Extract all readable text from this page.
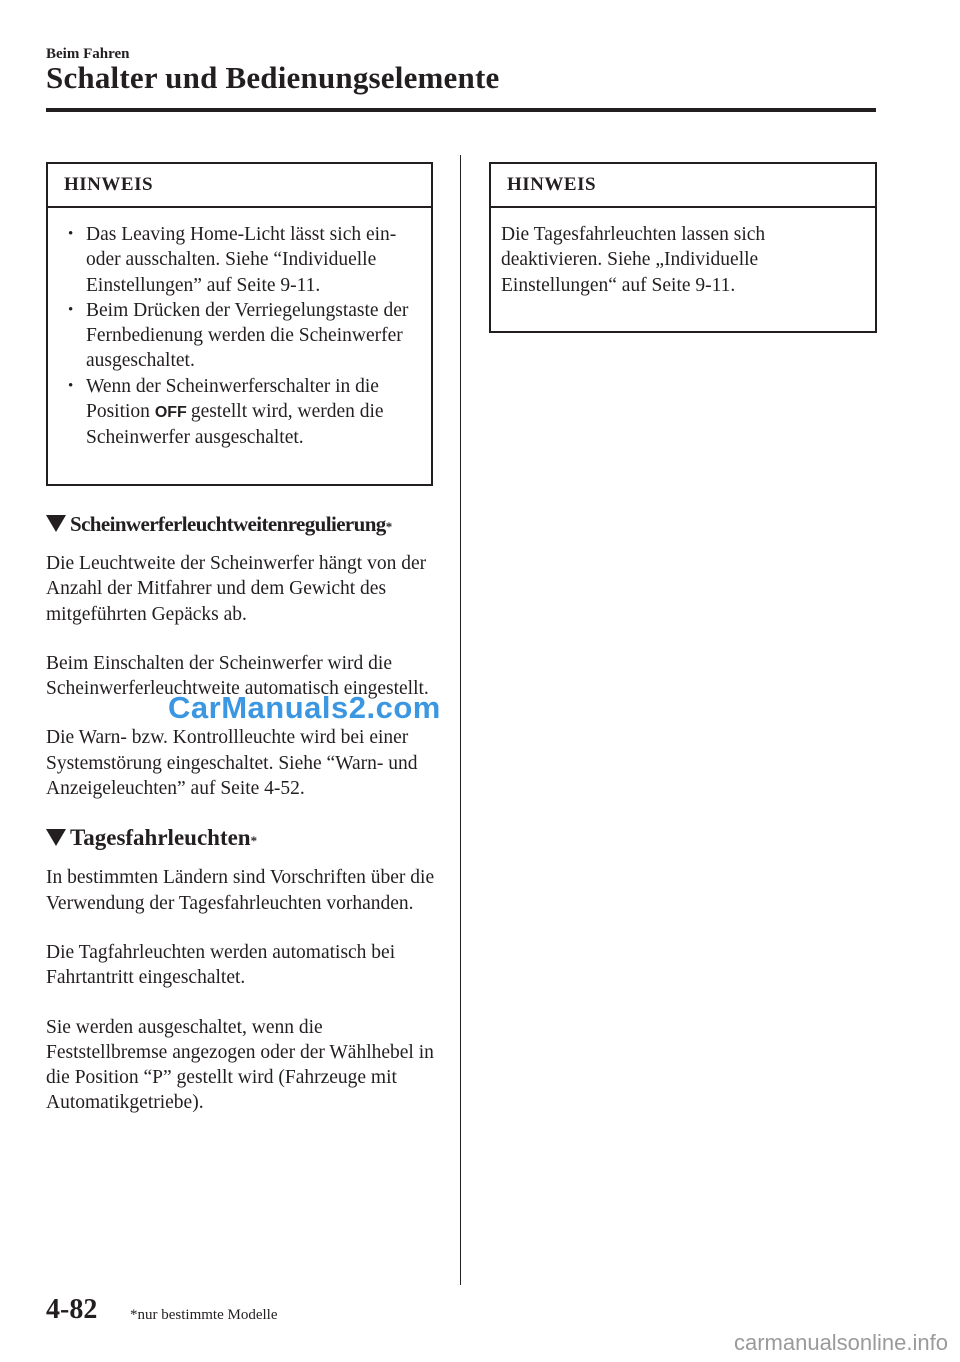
Beim Fahren
Schalter und Bedienungselemente
HINWEIS
• Das Leaving Home-Licht lässt sich ein- oder ausschalten. Siehe “Individuelle Einstellungen” auf Seite 9-11.
• Beim Drücken der Verriegelungstaste der Fernbedienung werden die Scheinwerfer ausgeschaltet.
• Wenn der Scheinwerferschalter in die Position OFF gestellt wird, werden die Scheinwerfer ausgeschaltet.
HINWEIS
Die Tagesfahrleuchten lassen sich deaktivieren. Siehe „Individuelle Einstellungen“ auf Seite 9-11.
Scheinwerferleuchtweitenregulierung *

Die Leuchtweite der Scheinwerfer hängt von der Anzahl der Mitfahrer und dem Gewicht des mitgeführten Gepäcks ab.

Beim Einschalten der Scheinwerfer wird die Scheinwerferleuchtweite automatisch eingestellt.

Die Warn- bzw. Kontrollleuchte wird bei einer Systemstörung eingeschaltet. Siehe “Warn- und Anzeigeleuchten” auf Seite 4-52.

Tagesfahrleuchten *

In bestimmten Ländern sind Vorschriften über die Verwendung der Tagesfahrleuchten vorhanden.

Die Tagfahrleuchten werden automatisch bei Fahrtantritt eingeschaltet.

Sie werden ausgeschaltet, wenn die Feststellbremse angezogen oder der Wählhebel in die Position “P” gestellt wird (Fahrzeuge mit Automatikgetriebe).

CarManuals2.com
4-82 *nur bestimmte Modelle
carmanualsonline.info
